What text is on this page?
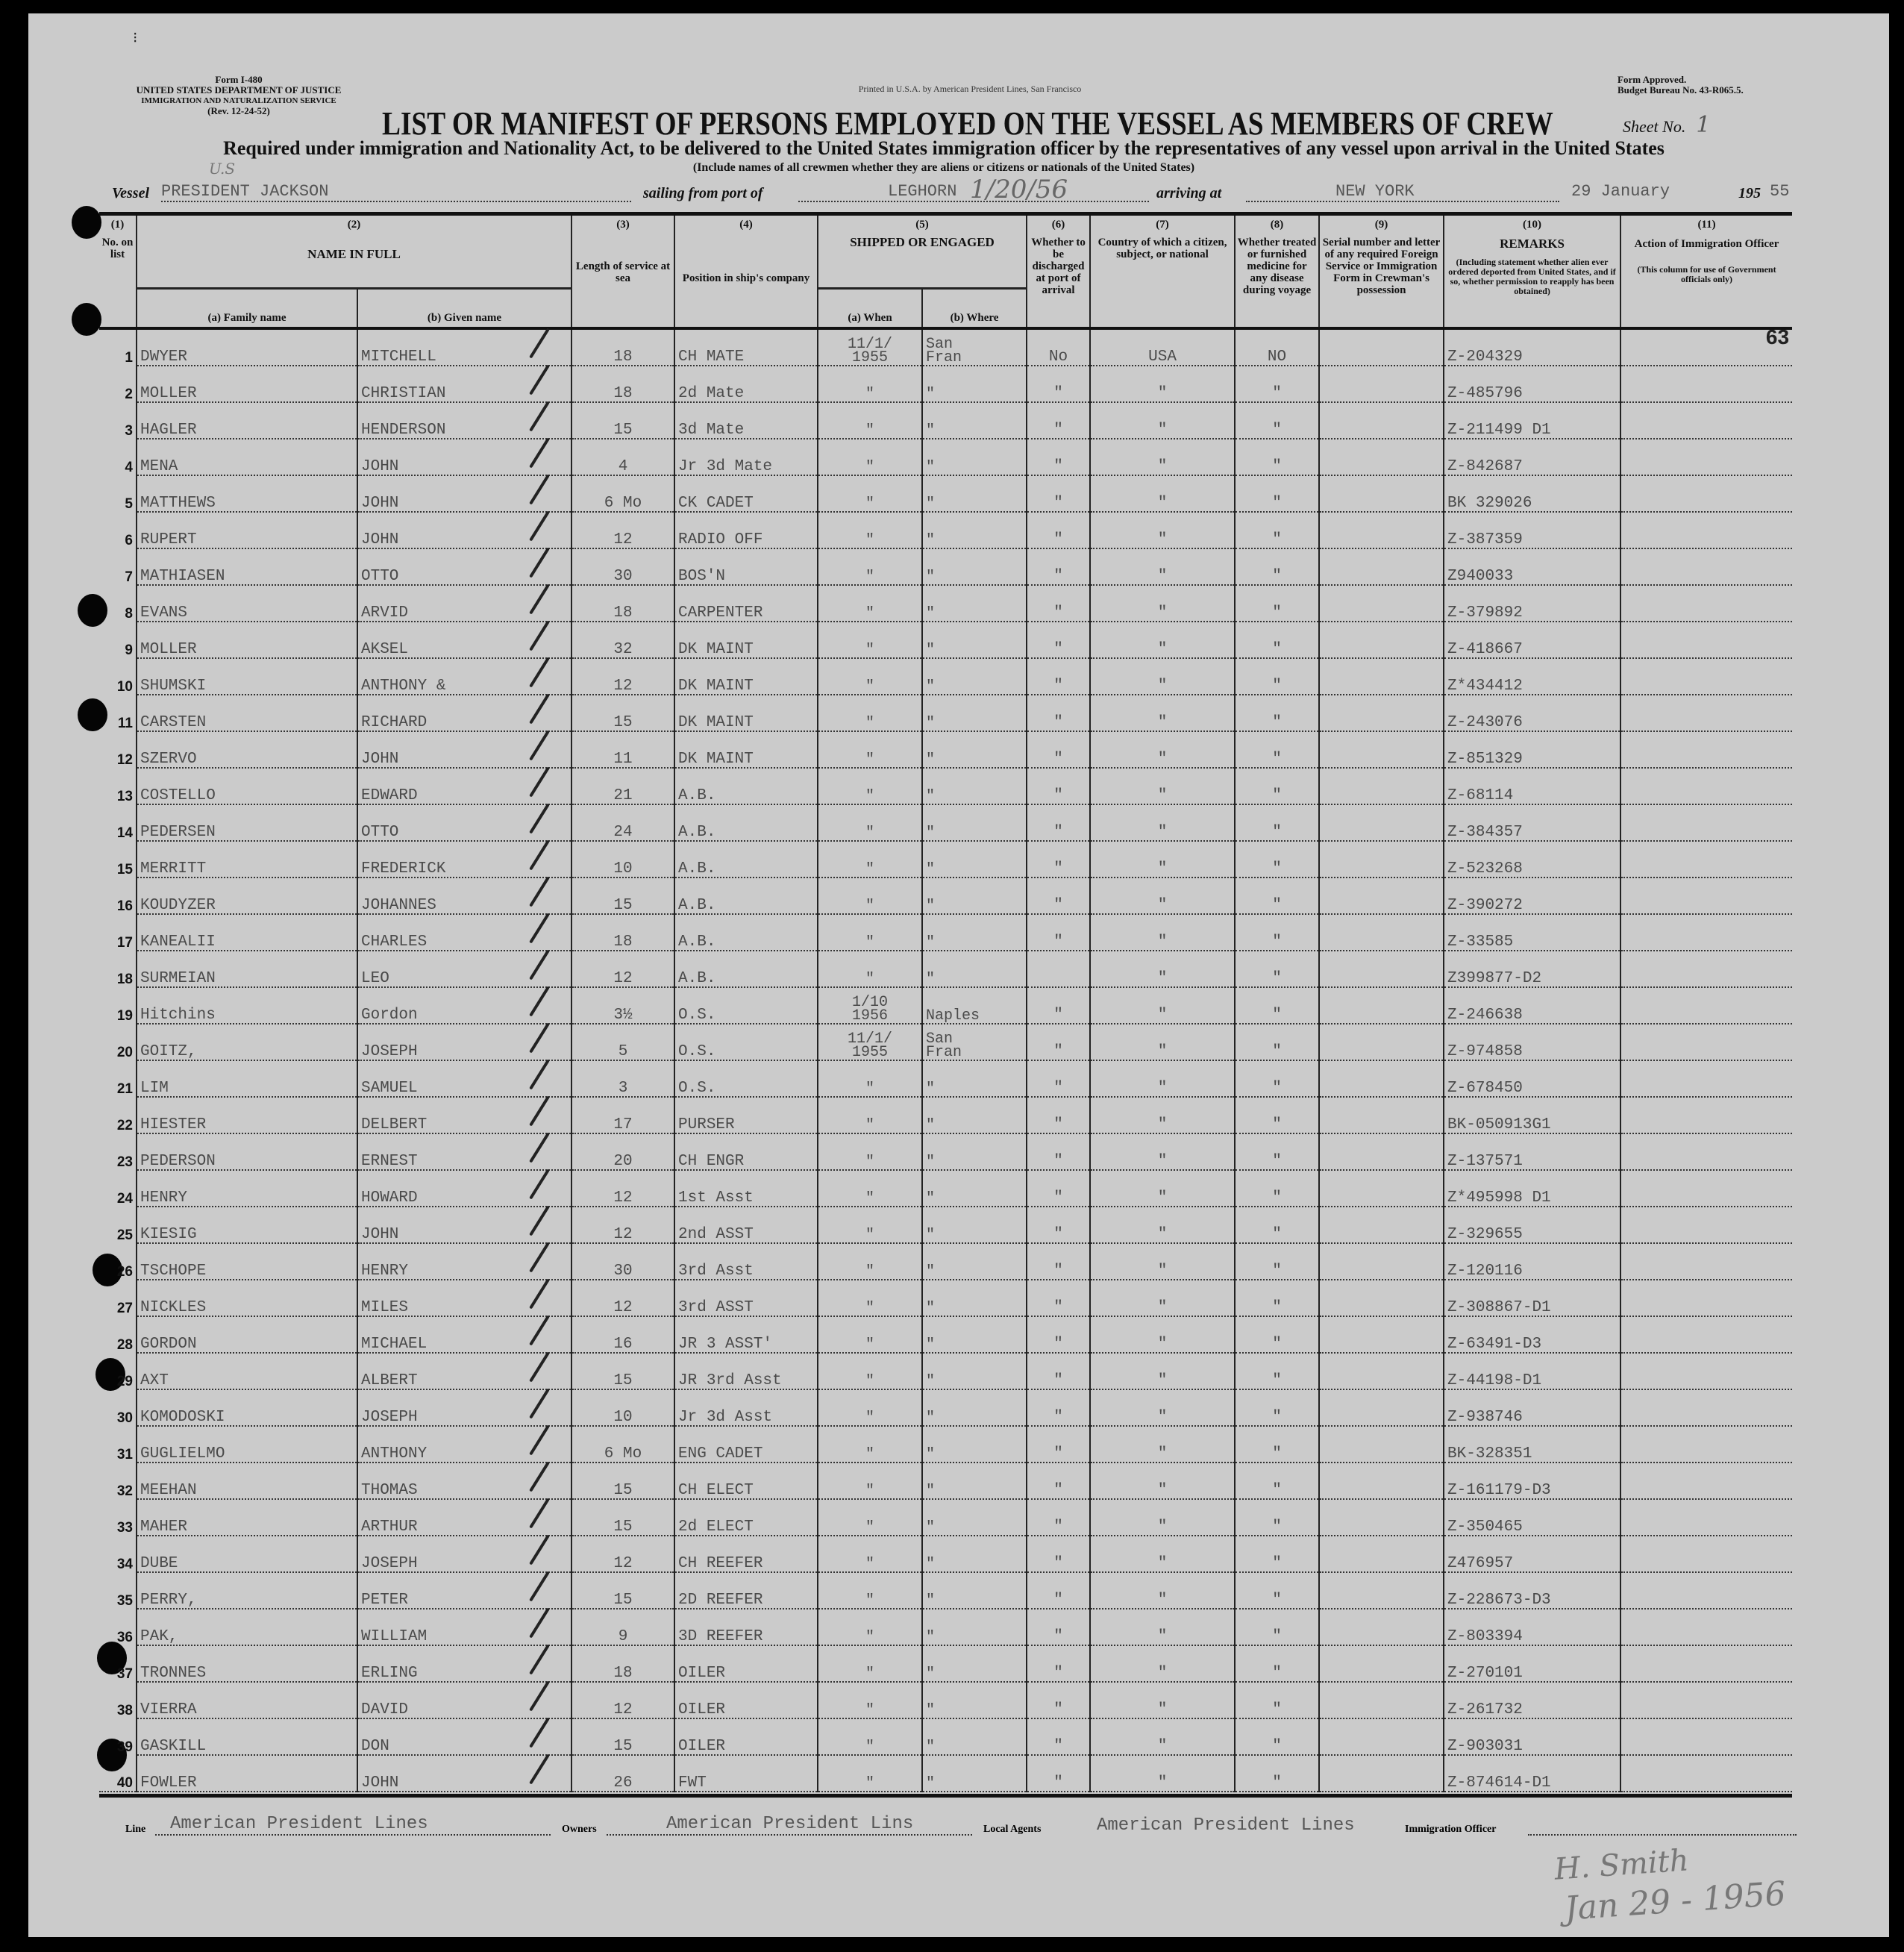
⁝
Form I-480
UNITED STATES DEPARTMENT OF JUSTICE
IMMIGRATION AND NATURALIZATION SERVICE
(Rev. 12-24-52)
Printed in U.S.A. by American President Lines, San Francisco
Form Approved.
Budget Bureau No. 43-R065.5.
LIST OR MANIFEST OF PERSONS EMPLOYED ON THE VESSEL AS MEMBERS OF CREW	Sheet No. 1
Required under immigration and Nationality Act, to be delivered to the United States immigration officer by the representatives of any vessel upon arrival in the United States
(Include names of all crewmen whether they are aliens or citizens or nationals of the United States)
U.S
Vessel PRESIDENT JACKSON	sailing from port of	LEGHORN 1/20/56	arriving at	NEW YORK	29 January	195 55
(1)
No. on list	(2)

NAME IN FULL		(3)

Length of service at sea	(4)

Position in ship's company	(5)
SHIPPED OR ENGAGED		(6)
Whether to be discharged at port of arrival	(7)
Country of which a citizen, subject, or national	(8)
Whether treated or furnished medicine for any disease during voyage	(9)
Serial number and letter of any required Foreign Service or Immigration Form in Crewman's possession	(10)
REMARKS
(Including statement whether alien ever ordered deported from United States, and if so, whether permission to reapply has been obtained)	(11)
Action of Immigration Officer
(This column for use of Government officials only)

	(a) Family name	(b) Given name			(a) When	(b) Where						
1	DWYER	MITCHELL	18	CH MATE	11/1/
1955	San
Fran	No	USA	NO		Z-204329	63
2	MOLLER	CHRISTIAN	18	2d Mate	"	"	"	"	"		Z-485796	
3	HAGLER	HENDERSON	15	3d Mate	"	"	"	"	"		Z-211499 D1	
4	MENA	JOHN	4	Jr 3d Mate	"	"	"	"	"		Z-842687	
5	MATTHEWS	JOHN	6 Mo	CK CADET	"	"	"	"	"		BK 329026	
6	RUPERT	JOHN	12	RADIO OFF	"	"	"	"	"		Z-387359	
7	MATHIASEN	OTTO	30	BOS'N	"	"	"	"	"		Z940033	
8	EVANS	ARVID	18	CARPENTER	"	"	"	"	"		Z-379892	
9	MOLLER	AKSEL	32	DK MAINT	"	"	"	"	"		Z-418667	
10	SHUMSKI	ANTHONY &	12	DK MAINT	"	"	"	"	"		Z*434412	
11	CARSTEN	RICHARD	15	DK MAINT	"	"	"	"	"		Z-243076	
12	SZERVO	JOHN	11	DK MAINT	"	"	"	"	"		Z-851329	
13	COSTELLO	EDWARD	21	A.B.	"	"	"	"	"		Z-68114	
14	PEDERSEN	OTTO	24	A.B.	"	"	"	"	"		Z-384357	
15	MERRITT	FREDERICK	10	A.B.	"	"	"	"	"		Z-523268	
16	KOUDYZER	JOHANNES	15	A.B.	"	"	"	"	"		Z-390272	
17	KANEALII	CHARLES	18	A.B.	"	"	"	"	"		Z-33585	
18	SURMEIAN	LEO	12	A.B.	"	"		"	"		Z399877-D2	
19	Hitchins	Gordon	3½	O.S.	1/10
1956	Naples	"	"	"		Z-246638	
20	GOITZ,	JOSEPH	5	O.S.	11/1/
1955	San
Fran	"	"	"		Z-974858	
21	LIM	SAMUEL	3	O.S.	"	"	"	"	"		Z-678450	
22	HIESTER	DELBERT	17	PURSER	"	"	"	"	"		BK-050913G1	
23	PEDERSON	ERNEST	20	CH ENGR	"	"	"	"	"		Z-137571	
24	HENRY	HOWARD	12	1st Asst	"	"	"	"	"		Z*495998 D1	
25	KIESIG	JOHN	12	2nd ASST	"	"	"	"	"		Z-329655	
26	TSCHOPE	HENRY	30	3rd Asst	"	"	"	"	"		Z-120116	
27	NICKLES	MILES	12	3rd ASST	"	"	"	"	"		Z-308867-D1	
28	GORDON	MICHAEL	16	JR 3 ASST'	"	"	"	"	"		Z-63491-D3	
29	AXT	ALBERT	15	JR 3rd Asst	"	"	"	"	"		Z-44198-D1	
30	KOMODOSKI	JOSEPH	10	Jr 3d Asst	"	"	"	"	"		Z-938746	
31	GUGLIELMO	ANTHONY	6 Mo	ENG CADET	"	"	"	"	"		BK-328351	
32	MEEHAN	THOMAS	15	CH ELECT	"	"	"	"	"		Z-161179-D3	
33	MAHER	ARTHUR	15	2d ELECT	"	"	"	"	"		Z-350465	
34	DUBE	JOSEPH	12	CH REEFER	"	"	"	"	"		Z476957	
35	PERRY,	PETER	15	2D REEFER	"	"	"	"	"		Z-228673-D3	
36	PAK,	WILLIAM	9	3D REEFER	"	"	"	"	"		Z-803394	
37	TRONNES	ERLING	18	OILER	"	"	"	"	"		Z-270101	
38	VIERRA	DAVID	12	OILER	"	"	"	"	"		Z-261732	
39	GASKILL	DON	15	OILER	"	"	"	"	"		Z-903031	
40	FOWLER	JOHN	26	FWT	"	"	"	"	"		Z-874614-D1	
Line	American President Lines	Owners	American President Lins	Local Agents	American President Lines	Immigration Officer
H. Smith
Jan 29 - 1956
